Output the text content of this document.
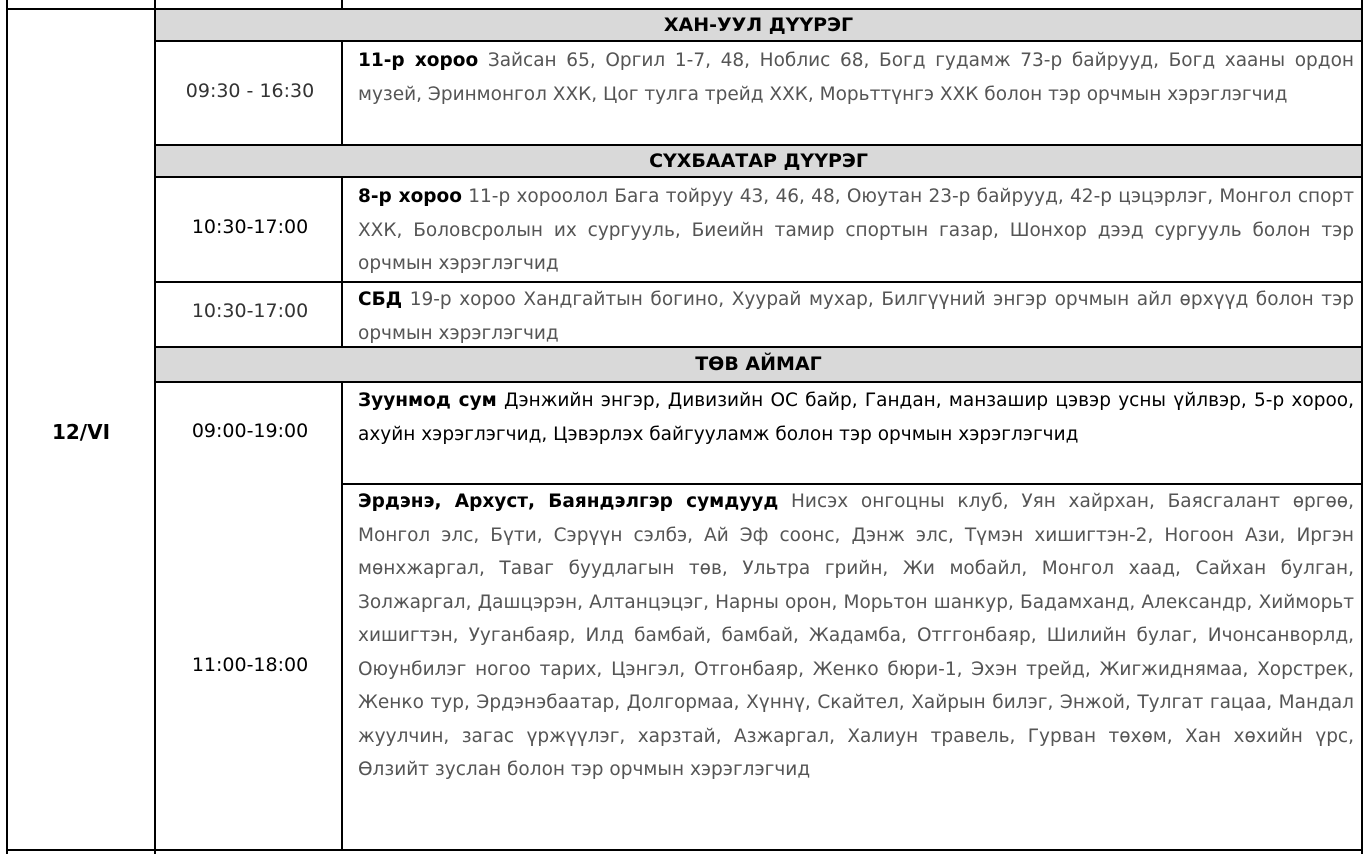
ХАН-УУЛ ДҮҮРЭГ
09:30 - 16:30
11-р хороо Зайсан 65, Оргил 1-7, 48, Ноблис 68, Богд гудамж 73-р байрууд, Богд хааны ордон музей, Эринмонгол ХХК, Цог тулга трейд ХХК, Морьттүнгэ ХХК болон тэр орчмын хэрэглэгчид
СҮХБААТАР ДҮҮРЭГ
10:30-17:00
8-р хороо 11-р хороолол Бага тойруу 43, 46, 48, Оюутан 23-р байрууд, 42-р цэцэрлэг, Монгол спорт ХХК, Боловсролын их сургууль, Биеийн тамир спортын газар, Шонхор дээд сургууль болон тэр орчмын хэрэглэгчид
10:30-17:00
СБД 19-р хороо Хандгайтын богино, Хуурай мухар, Билгүүний энгэр орчмын айл өрхүүд болон тэр орчмын хэрэглэгчид
ТӨВ АЙМАГ
09:00-19:00
Зуунмод сум Дэнжийн энгэр, Дивизийн ОС байр, Гандан, манзашир цэвэр усны үйлвэр, 5-р хороо, ахуйн хэрэглэгчид, Цэвэрлэх байгууламж болон тэр орчмын хэрэглэгчид
11:00-18:00
Эрдэнэ, Архуст, Баяндэлгэр сумдууд Нисэх онгоцны клуб, Уян хайрхан, Баясгалант өргөө, Монгол элс, Бүти, Сэрүүн сэлбэ, Ай Эф соонс, Дэнж элс, Түмэн хишигтэн-2, Ногоон Ази, Иргэн мөнхжаргал, Таваг буудлагын төв, Ультра грийн, Жи мобайл, Монгол хаад, Сайхан булган, Золжаргал, Дашцэрэн, Алтанцэцэг, Нарны орон, Морьтон шанкур, Бадамханд, Александр, Хийморьт хишигтэн, Ууганбаяр, Илд бамбай, бамбай, Жадамба, Отггонбаяр, Шилийн булаг, Ичонсанворлд, Оюунбилэг ногоо тарих, Цэнгэл, Отгонбаяр, Женко бюри-1, Эхэн трейд, Жигжиднямаа, Хорстрек, Женко тур, Эрдэнэбаатар, Долгормаа, Хүннү, Скайтел, Хайрын билэг, Энжой, Тулгат гацаа, Мандал жуулчин, загас үржүүлэг, харзтай, Азжаргал, Халиун травель, Гурван төхөм, Хан хөхийн үрс, Өлзийт зуслан болон тэр орчмын хэрэглэгчид
12/VI
